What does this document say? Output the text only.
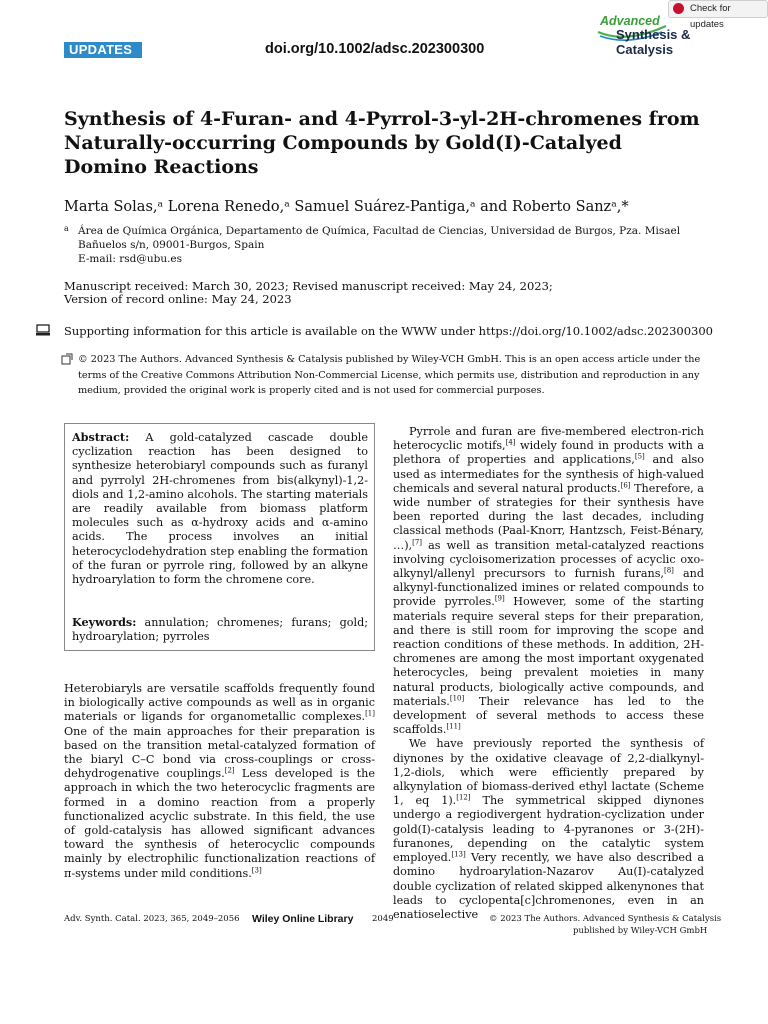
UPDATES	doi.org/10.1002/adsc.202300300
Advanced
Synthesis &
Catalysis
Check for updates
Synthesis of 4-Furan- and 4-Pyrrol-3-yl-2H-chromenes from Naturally-occurring Compounds by Gold(I)-Catalyed Domino Reactions
Marta Solas,ᵃ Lorena Renedo,ᵃ Samuel Suárez-Pantiga,ᵃ and Roberto Sanzᵃ,*
a Área de Química Orgánica, Departamento de Química, Facultad de Ciencias, Universidad de Burgos, Pza. Misael Bañuelos s/n, 09001-Burgos, Spain
E-mail: rsd@ubu.es
Manuscript received: March 30, 2023; Revised manuscript received: May 24, 2023;
Version of record online: May 24, 2023
Supporting information for this article is available on the WWW under https://doi.org/10.1002/adsc.202300300
© 2023 The Authors. Advanced Synthesis & Catalysis published by Wiley-VCH GmbH. This is an open access article under the terms of the Creative Commons Attribution Non-Commercial License, which permits use, distribution and reproduction in any medium, provided the original work is properly cited and is not used for commercial purposes.
Abstract: A gold-catalyzed cascade double cyclization reaction has been designed to synthesize heterobiaryl compounds such as furanyl and pyrrolyl 2H-chromenes from bis(alkynyl)-1,2-diols and 1,2-amino alcohols. The starting materials are readily available from biomass platform molecules such as α-hydroxy acids and α-amino acids. The process involves an initial heterocyclodehydration step enabling the formation of the furan or pyrrole ring, followed by an alkyne hydroarylation to form the chromene core.
Keywords: annulation; chromenes; furans; gold; hydroarylation; pyrroles

Heterobiaryls are versatile scaffolds frequently found in biologically active compounds as well as in organic materials or ligands for organometallic complexes.[1] One of the main approaches for their preparation is based on the transition metal-catalyzed formation of the biaryl C–C bond via cross-couplings or cross-dehydrogenative couplings.[2] Less developed is the approach in which the two heterocyclic fragments are formed in a domino reaction from a properly functionalized acyclic substrate. In this field, the use of gold-catalysis has allowed significant advances toward the synthesis of heterocyclic compounds mainly by electrophilic functionalization reactions of π-systems under mild conditions.[3]

Pyrrole and furan are five-membered electron-rich heterocyclic motifs,[4] widely found in products with a plethora of properties and applications,[5] and also used as intermediates for the synthesis of high-valued chemicals and several natural products.[6] Therefore, a wide number of strategies for their synthesis have been reported during the last decades, including classical methods (Paal-Knorr, Hantzsch, Feist-Bénary, …),[7] as well as transition metal-catalyzed reactions involving cycloisomerization processes of acyclic oxo-alkynyl/allenyl precursors to furnish furans,[8] and alkynyl-functionalized imines or related compounds to provide pyrroles.[9] However, some of the starting materials require several steps for their preparation, and there is still room for improving the scope and reaction conditions of these methods. In addition, 2H-chromenes are among the most important oxygenated heterocycles, being prevalent moieties in many natural products, biologically active compounds, and materials.[10] Their relevance has led to the development of several methods to access these scaffolds.[11]

We have previously reported the synthesis of diynones by the oxidative cleavage of 2,2-dialkynyl-1,2-diols, which were efficiently prepared by alkynylation of biomass-derived ethyl lactate (Scheme 1, eq 1).[12] The symmetrical skipped diynones undergo a regiodivergent hydration-cyclization under gold(I)-catalysis leading to 4-pyranones or 3-(2H)-furanones, depending on the catalytic system employed.[13] Very recently, we have also described a domino hydroarylation-Nazarov Au(I)-catalyzed double cyclization of related skipped alkenynones that leads to cyclopenta[c]chromenones, even in an enatioselective

Adv. Synth. Catal. 2023, 365, 2049–2056 Wiley Online Library 2049	© 2023 The Authors. Advanced Synthesis & Catalysis
published by Wiley-VCH GmbH
